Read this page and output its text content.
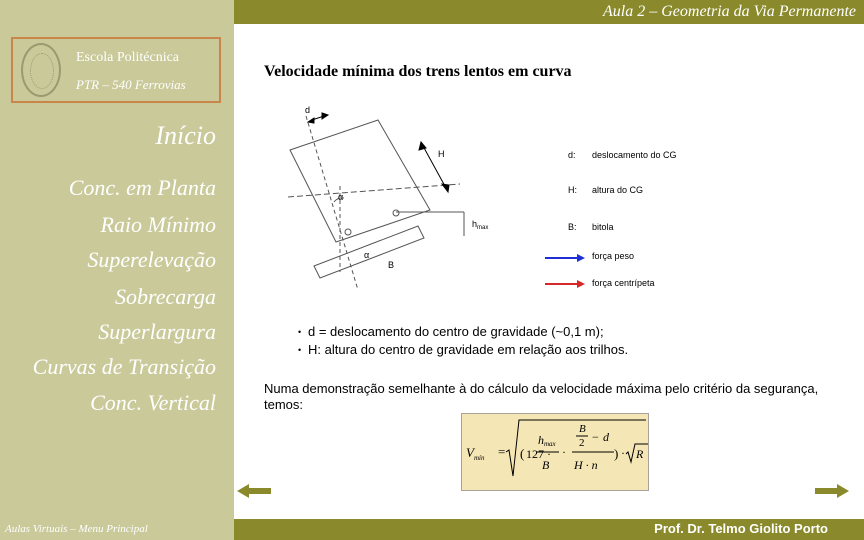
Escola Politécnica
PTR – 540 Ferrovias
Início
Conc. em Planta
Raio Mínimo
Superelevação
Sobrecarga
Superlargura
Curvas de Transição
Conc. Vertical
Aulas Virtuais – Menu Principal
Aula 2 – Geometria da Via Permanente
Velocidade mínima dos trens lentos em curva
d
H
α
α
$h_{max}$
B
d: deslocamento do CG
H: altura do CG
B: bitola
força peso
força centrípeta
• d = deslocamento do centro de gravidade (~0,1 m);
• H: altura do centro de gravidade em relação aos trilhos.
Numa demonstração semelhante à do cálculo da velocidade máxima pelo critério da segurança, temos:
$V_{mín}$ = ( 127 ·
hmax
B
·
B
2 − d
H · n
) · R
Prof. Dr. Telmo Giolito Porto
